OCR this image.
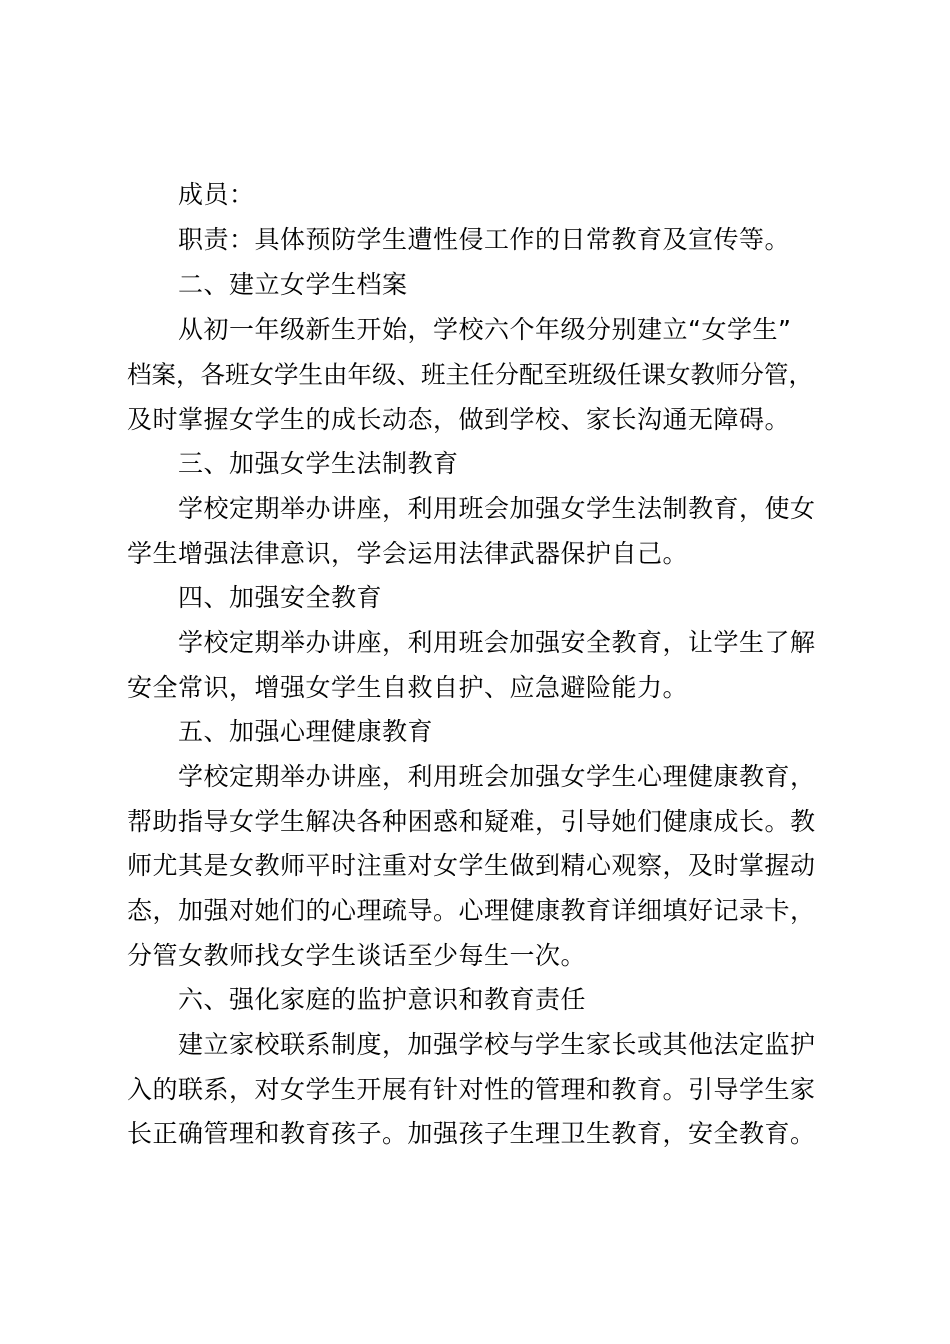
成员：
职责：具体预防学生遭性侵工作的日常教育及宣传等。
二、建立女学生档案
从初一年级新生开始，学校六个年级分别建立“女学生”
档案，各班女学生由年级、班主任分配至班级任课女教师分管，
及时掌握女学生的成长动态，做到学校、家长沟通无障碍。
三、加强女学生法制教育
学校定期举办讲座，利用班会加强女学生法制教育，使女
学生增强法律意识，学会运用法律武器保护自己。
四、加强安全教育
学校定期举办讲座，利用班会加强安全教育，让学生了解
安全常识，增强女学生自救自护、应急避险能力。
五、加强心理健康教育
学校定期举办讲座，利用班会加强女学生心理健康教育，
帮助指导女学生解决各种困惑和疑难，引导她们健康成长。教
师尤其是女教师平时注重对女学生做到精心观察，及时掌握动
态，加强对她们的心理疏导。心理健康教育详细填好记录卡，
分管女教师找女学生谈话至少每生一次。
六、强化家庭的监护意识和教育责任
建立家校联系制度，加强学校与学生家长或其他法定监护
入的联系，对女学生开展有针对性的管理和教育。引导学生家
长正确管理和教育孩子。加强孩子生理卫生教育，安全教育。
